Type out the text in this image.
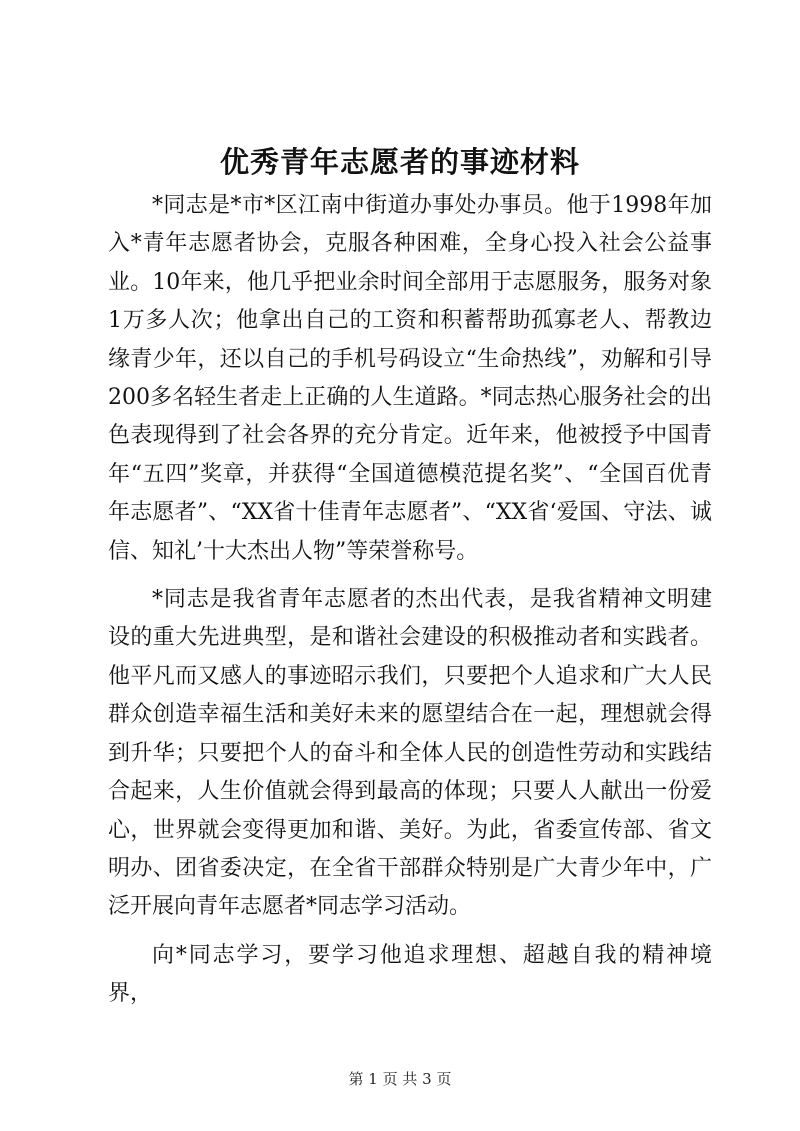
优秀青年志愿者的事迹材料

*同志是*市*区江南中街道办事处办事员。他于1998年加入*青年志愿者协会，克服各种困难，全身心投入社会公益事业。10年来，他几乎把业余时间全部用于志愿服务，服务对象1万多人次；他拿出自己的工资和积蓄帮助孤寡老人、帮教边缘青少年，还以自己的手机号码设立“生命热线”，劝解和引导200多名轻生者走上正确的人生道路。*同志热心服务社会的出色表现得到了社会各界的充分肯定。近年来，他被授予中国青年“五四”奖章，并获得“全国道德模范提名奖”、“全国百优青年志愿者”、“XX省十佳青年志愿者”、“XX省‘爱国、守法、诚信、知礼’十大杰出人物”等荣誉称号。

*同志是我省青年志愿者的杰出代表，是我省精神文明建设的重大先进典型，是和谐社会建设的积极推动者和实践者。他平凡而又感人的事迹昭示我们，只要把个人追求和广大人民群众创造幸福生活和美好未来的愿望结合在一起，理想就会得到升华；只要把个人的奋斗和全体人民的创造性劳动和实践结合起来，人生价值就会得到最高的体现；只要人人献出一份爱心，世界就会变得更加和谐、美好。为此，省委宣传部、省文明办、团省委决定，在全省干部群众特别是广大青少年中，广泛开展向青年志愿者*同志学习活动。

向*同志学习，要学习他追求理想、超越自我的精神境界，

第 1 页 共 3 页
